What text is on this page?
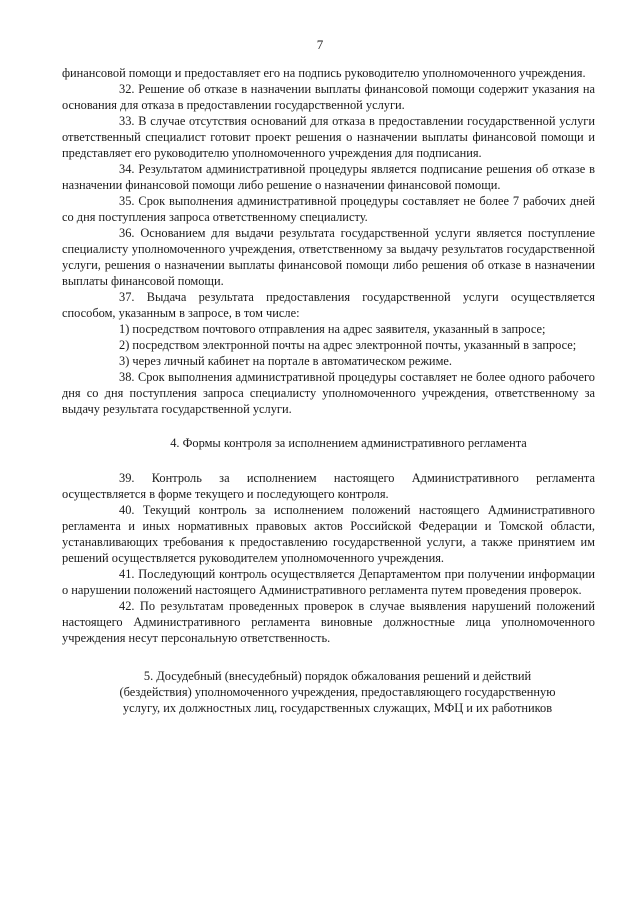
7

финансовой помощи и предоставляет его на подпись руководителю уполномоченного учреждения.

32. Решение об отказе в назначении выплаты финансовой помощи содержит указания на основания для отказа в предоставлении государственной услуги.

33. В случае отсутствия оснований для отказа в предоставлении государственной услуги ответственный специалист готовит проект решения о назначении выплаты финансовой помощи и представляет его руководителю уполномоченного учреждения для подписания.

34. Результатом административной процедуры является подписание решения об отказе в назначении финансовой помощи либо решение о назначении финансовой помощи.

35. Срок выполнения административной процедуры составляет не более 7 рабочих дней со дня поступления запроса ответственному специалисту.

36. Основанием для выдачи результата государственной услуги является поступление специалисту уполномоченного учреждения, ответственному за выдачу результатов государственной услуги, решения о назначении выплаты финансовой помощи либо решения об отказе в назначении выплаты финансовой помощи.

37. Выдача результата предоставления государственной услуги осуществляется способом, указанным в запросе, в том числе:

1) посредством почтового отправления на адрес заявителя, указанный в запросе;

2) посредством электронной почты на адрес электронной почты, указанный в запросе;

3) через личный кабинет на портале в автоматическом режиме.

38. Срок выполнения административной процедуры составляет не более одного рабочего дня со дня поступления запроса специалисту уполномоченного учреждения, ответственному за выдачу результата государственной услуги.

4. Формы контроля за исполнением административного регламента

39. Контроль за исполнением настоящего Административного регламента осуществляется в форме текущего и последующего контроля.

40. Текущий контроль за исполнением положений настоящего Административного регламента и иных нормативных правовых актов Российской Федерации и Томской области, устанавливающих требования к предоставлению государственной услуги, а также принятием им решений осуществляется руководителем уполномоченного учреждения.

41. Последующий контроль осуществляется Департаментом при получении информации о нарушении положений настоящего Административного регламента путем проведения проверок.

42. По результатам проведенных проверок в случае выявления нарушений положений настоящего Административного регламента виновные должностные лица уполномоченного учреждения несут персональную ответственность.

5. Досудебный (внесудебный) порядок обжалования решений и действий
(бездействия) уполномоченного учреждения, предоставляющего государственную
услугу, их должностных лиц, государственных служащих, МФЦ и их работников
